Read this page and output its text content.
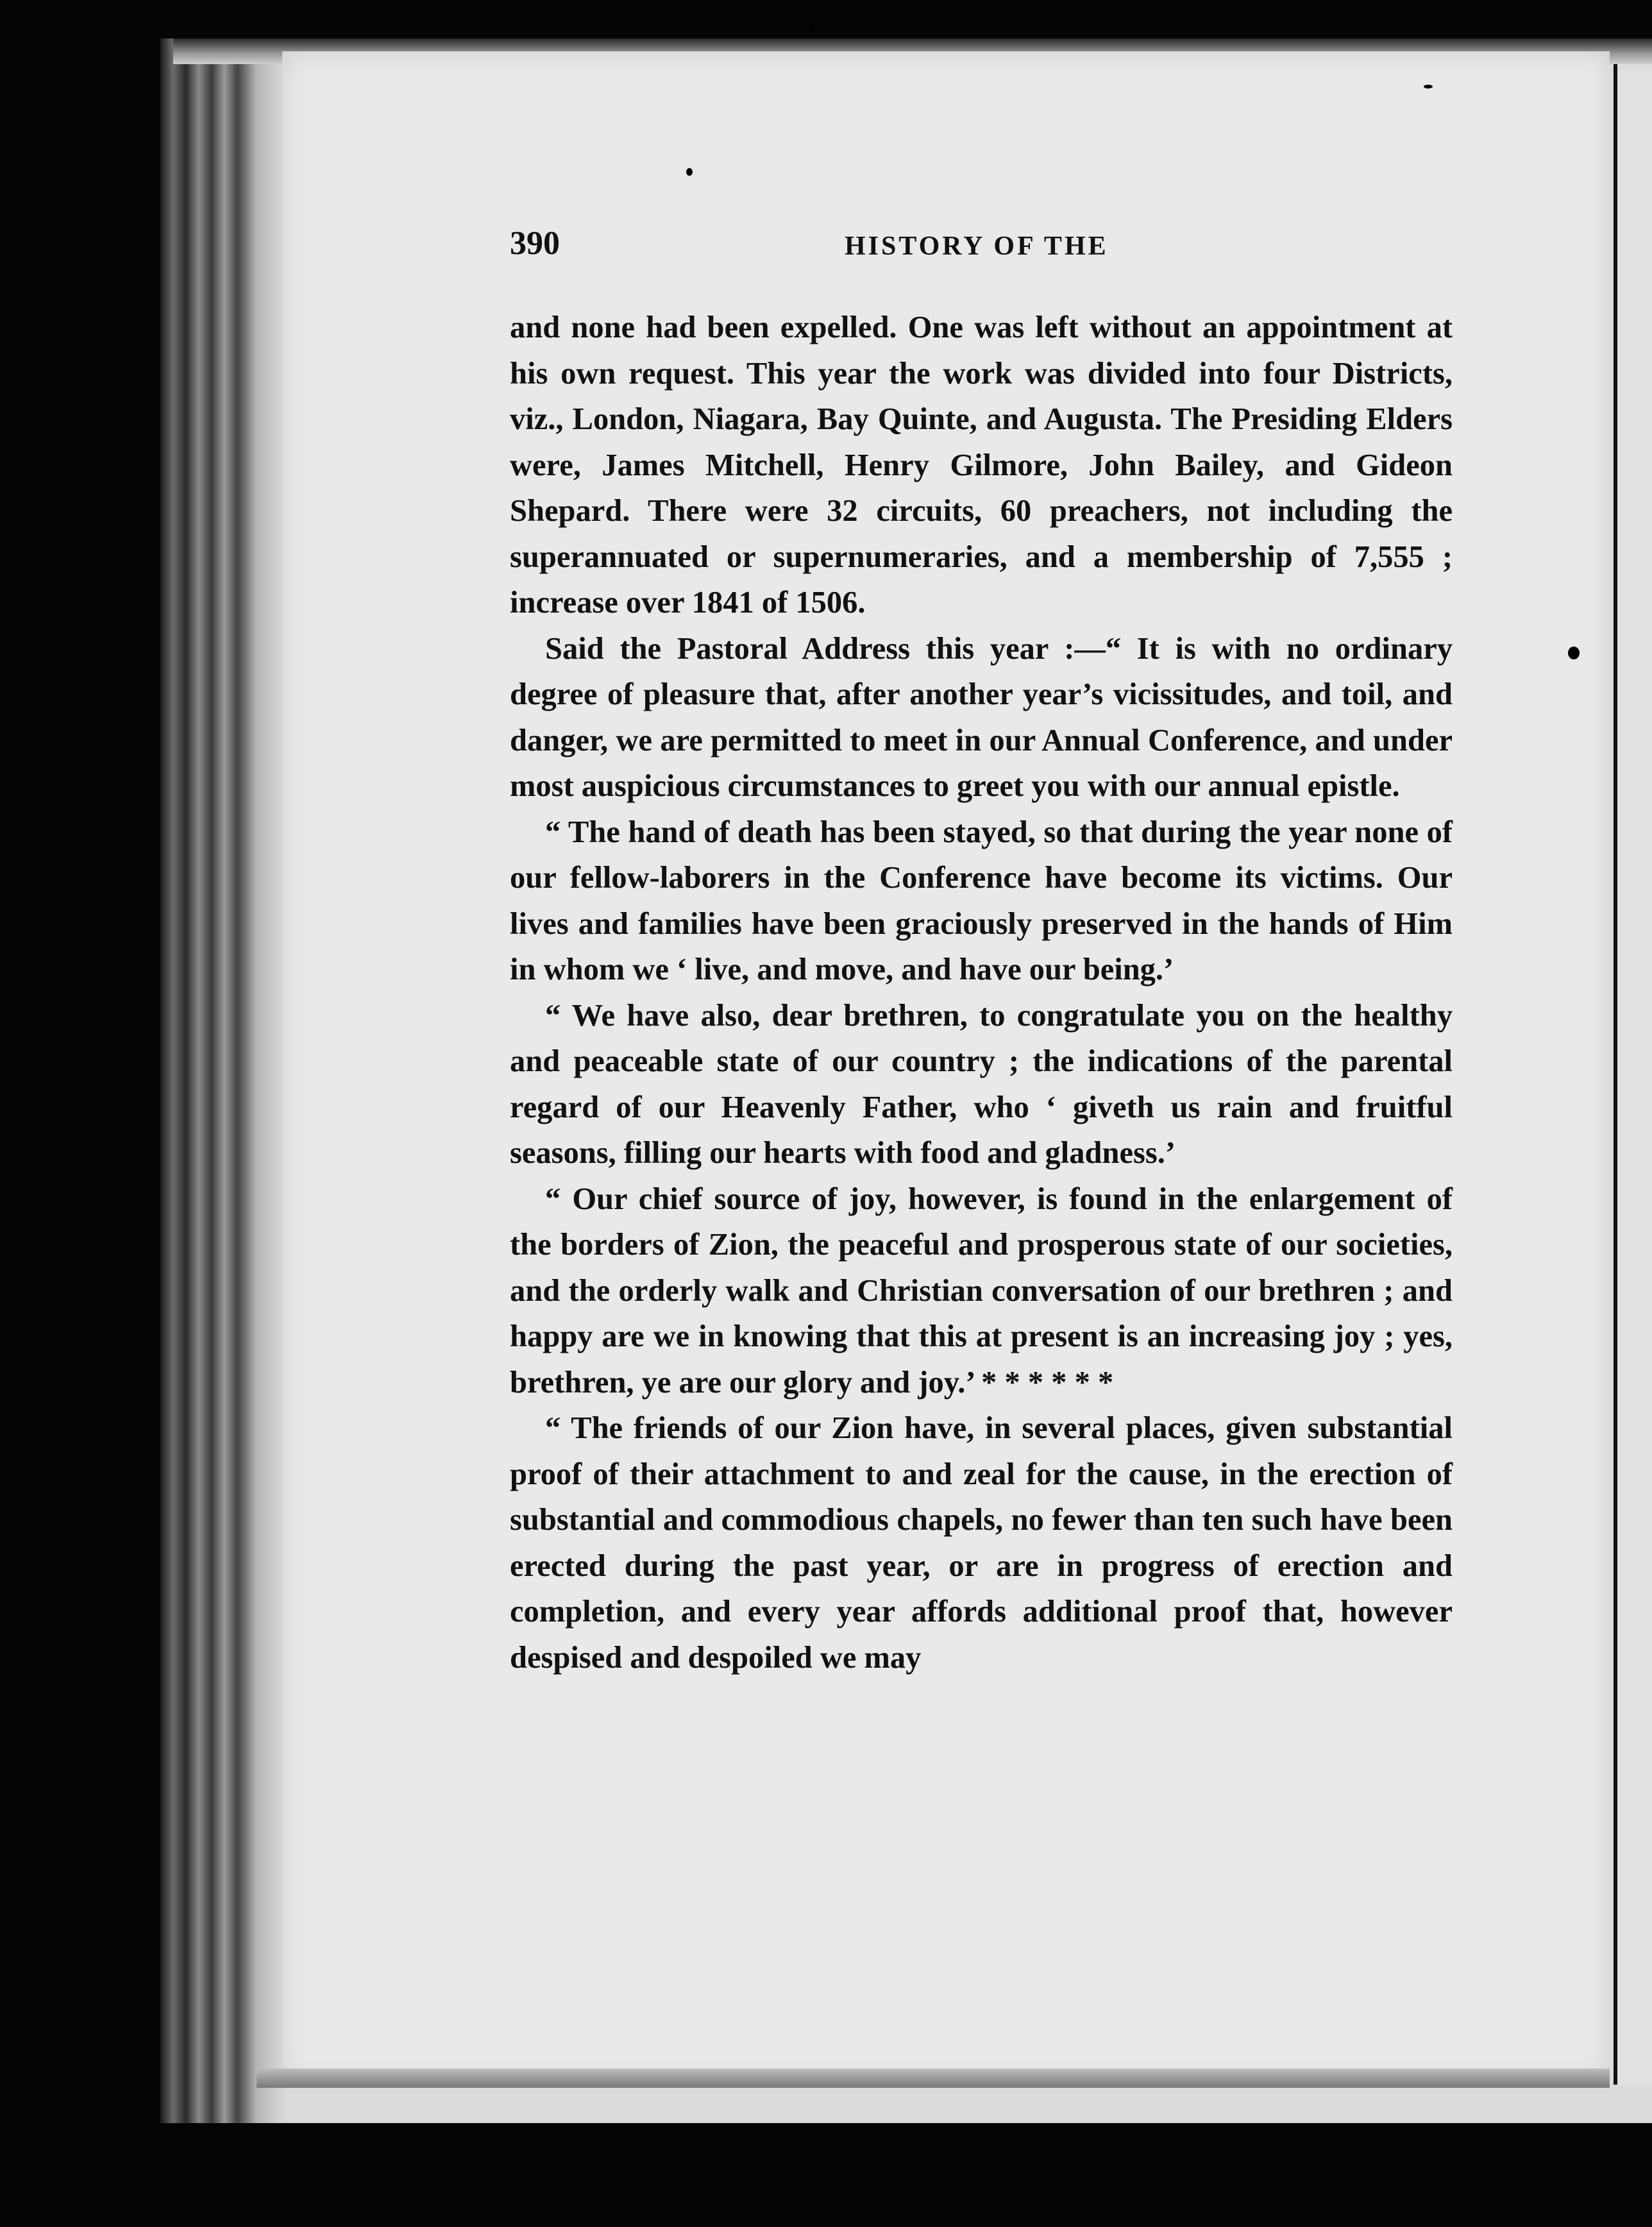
390	HISTORY OF THE

and none had been expelled. One was left without an appointment at his own request. This year the work was divided into four Districts, viz., London, Niagara, Bay Quinte, and Augusta. The Presiding Elders were, James Mitchell, Henry Gilmore, John Bailey, and Gideon Shepard. There were 32 circuits, 60 preachers, not including the superannuated or supernumeraries, and a membership of 7,555 ; increase over 1841 of 1506.

Said the Pastoral Address this year :—“ It is with no ordinary degree of pleasure that, after another year’s vicissitudes, and toil, and danger, we are permitted to meet in our Annual Conference, and under most auspicious circumstances to greet you with our annual epistle.

“ The hand of death has been stayed, so that during the year none of our fellow-laborers in the Conference have become its victims. Our lives and families have been graciously preserved in the hands of Him in whom we ‘ live, and move, and have our being.’

“ We have also, dear brethren, to congratulate you on the healthy and peaceable state of our country ; the indications of the parental regard of our Heavenly Father, who ‘ giveth us rain and fruitful seasons, filling our hearts with food and gladness.’

“ Our chief source of joy, however, is found in the enlargement of the borders of Zion, the peaceful and prosperous state of our societies, and the orderly walk and Christian conversation of our brethren ; and happy are we in knowing that this at present is an increasing joy ; yes, brethren, ye are our glory and joy.’ * * * * * *

“ The friends of our Zion have, in several places, given substantial proof of their attachment to and zeal for the cause, in the erection of substantial and commodious chapels, no fewer than ten such have been erected during the past year, or are in progress of erection and completion, and every year affords additional proof that, however despised and despoiled we may
